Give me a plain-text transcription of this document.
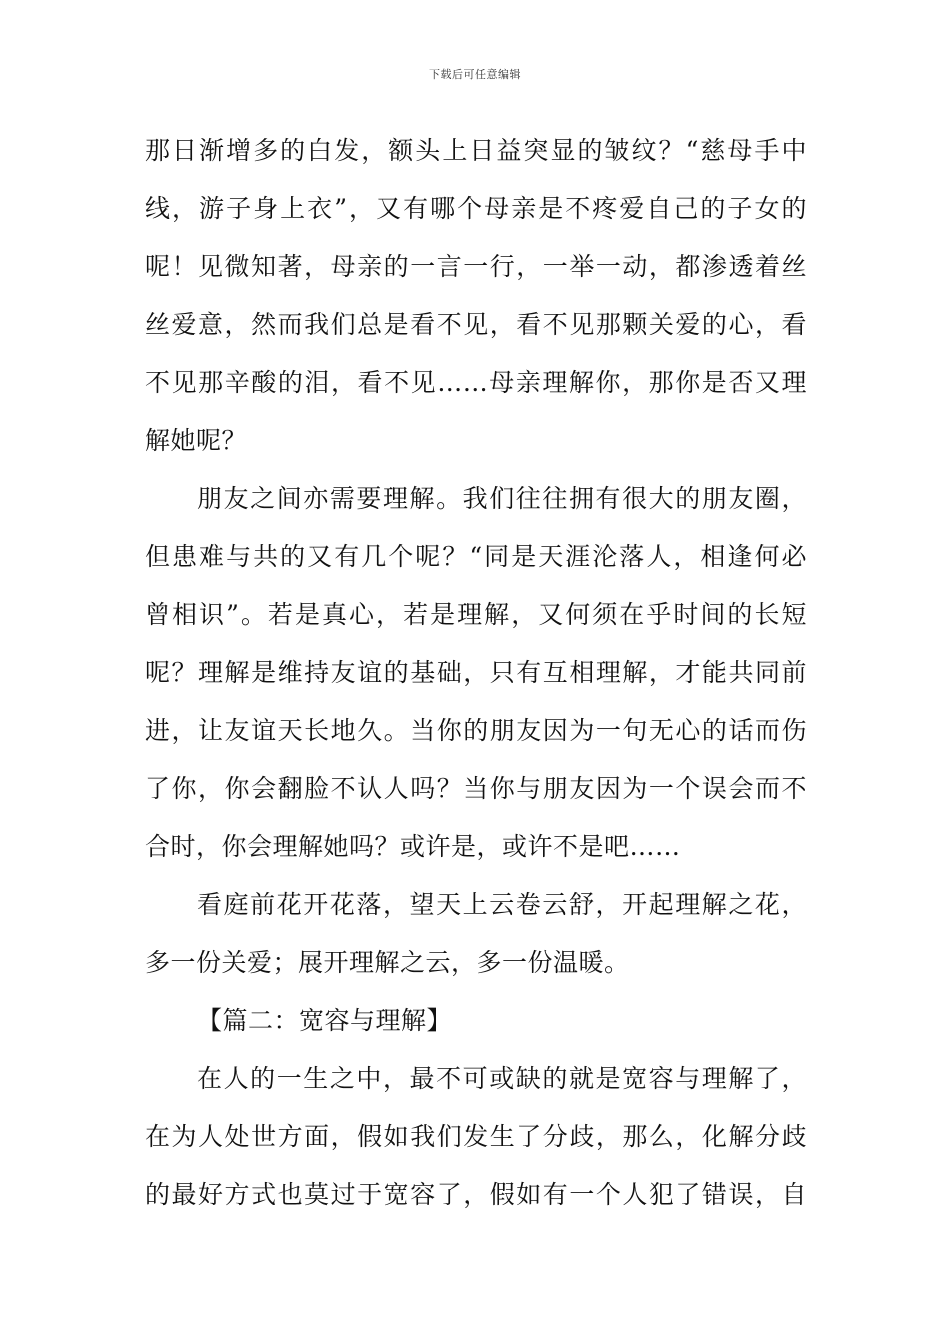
下载后可任意编辑
那日渐增多的白发，额头上日益突显的皱纹？“慈母手中
线，游子身上衣”，又有哪个母亲是不疼爱自己的子女的
呢！见微知著，母亲的一言一行，一举一动，都渗透着丝
丝爱意，然而我们总是看不见，看不见那颗关爱的心，看
不见那辛酸的泪，看不见……母亲理解你，那你是否又理
解她呢？
朋友之间亦需要理解。我们往往拥有很大的朋友圈，
但患难与共的又有几个呢？“同是天涯沦落人，相逢何必
曾相识”。若是真心，若是理解，又何须在乎时间的长短
呢？理解是维持友谊的基础，只有互相理解，才能共同前
进，让友谊天长地久。当你的朋友因为一句无心的话而伤
了你，你会翻脸不认人吗？当你与朋友因为一个误会而不
合时，你会理解她吗？或许是，或许不是吧……
看庭前花开花落，望天上云卷云舒，开起理解之花，
多一份关爱；展开理解之云，多一份温暖。
【篇二：宽容与理解】
在人的一生之中，最不可或缺的就是宽容与理解了，
在为人处世方面，假如我们发生了分歧，那么，化解分歧
的最好方式也莫过于宽容了，假如有一个人犯了错误，自
